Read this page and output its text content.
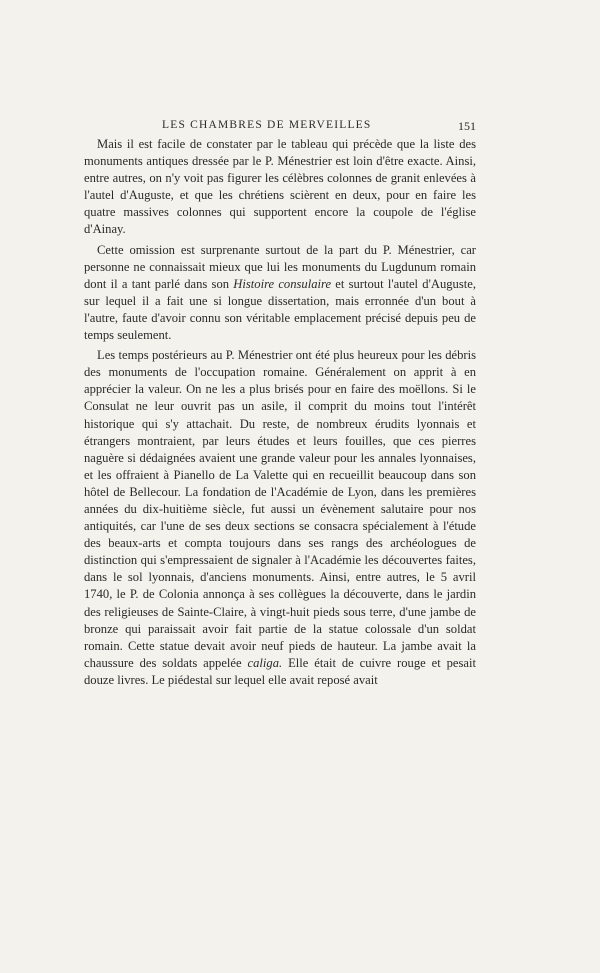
LES CHAMBRES DE MERVEILLES	151

Mais il est facile de constater par le tableau qui précède que la liste des monuments antiques dressée par le P. Ménestrier est loin d'être exacte. Ainsi, entre autres, on n'y voit pas figurer les célèbres colonnes de granit enlevées à l'autel d'Auguste, et que les chrétiens scièrent en deux, pour en faire les quatre massives colonnes qui supportent encore la coupole de l'église d'Ainay.

Cette omission est surprenante surtout de la part du P. Ménestrier, car personne ne connaissait mieux que lui les monuments du Lugdunum romain dont il a tant parlé dans son Histoire consulaire et surtout l'autel d'Auguste, sur lequel il a fait une si longue dissertation, mais erronnée d'un bout à l'autre, faute d'avoir connu son véritable emplacement précisé depuis peu de temps seulement.

Les temps postérieurs au P. Ménestrier ont été plus heureux pour les débris des monuments de l'occupation romaine. Généralement on apprit à en apprécier la valeur. On ne les a plus brisés pour en faire des moëllons. Si le Consulat ne leur ouvrit pas un asile, il comprit du moins tout l'intérêt historique qui s'y attachait. Du reste, de nombreux érudits lyonnais et étrangers montraient, par leurs études et leurs fouilles, que ces pierres naguère si dédaignées avaient une grande valeur pour les annales lyonnaises, et les offraient à Pianello de La Valette qui en recueillit beaucoup dans son hôtel de Bellecour. La fondation de l'Académie de Lyon, dans les premières années du dix-huitième siècle, fut aussi un évènement salutaire pour nos antiquités, car l'une de ses deux sections se consacra spécialement à l'étude des beaux-arts et compta toujours dans ses rangs des archéologues de distinction qui s'empressaient de signaler à l'Académie les découvertes faites, dans le sol lyonnais, d'anciens monuments. Ainsi, entre autres, le 5 avril 1740, le P. de Colonia annonça à ses collègues la découverte, dans le jardin des religieuses de Sainte-Claire, à vingt-huit pieds sous terre, d'une jambe de bronze qui paraissait avoir fait partie de la statue colossale d'un soldat romain. Cette statue devait avoir neuf pieds de hauteur. La jambe avait la chaussure des soldats appelée caliga. Elle était de cuivre rouge et pesait douze livres. Le piédestal sur lequel elle avait reposé avait
